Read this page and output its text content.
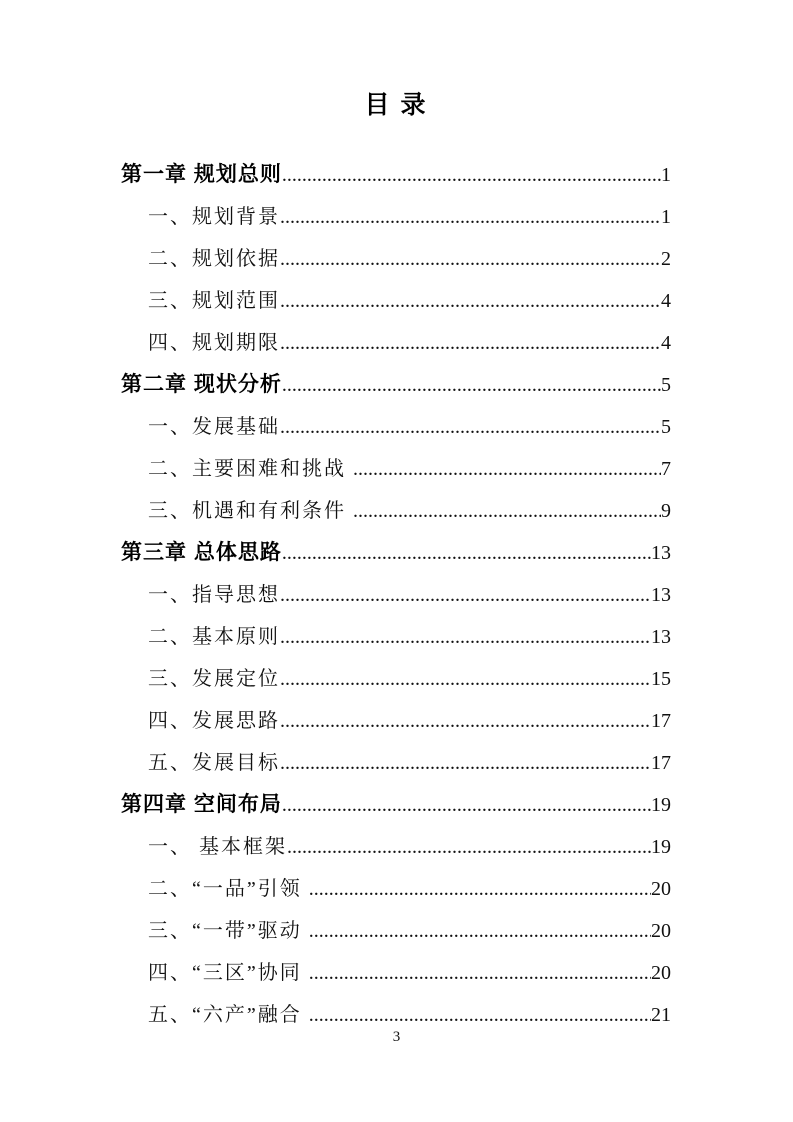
目 录
第一章 规划总则 .....	1
一、规划背景 .....	1
二、规划依据 .....	2
三、规划范围 .....	4
四、规划期限 .....	4
第二章 现状分析 .....	5
一、发展基础 .....	5
二、主要困难和挑战 .....	7
三、机遇和有利条件 .....	9
第三章 总体思路 .....	13
一、指导思想 .....	13
二、基本原则 .....	13
三、发展定位 .....	15
四、发展思路 .....	17
五、发展目标 .....	17
第四章 空间布局 .....	19
一、 基本框架 .....	19
二、“一品”引领 .....	20
三、“一带”驱动 .....	20
四、“三区”协同 .....	20
五、“六产”融合 .....	21
3
